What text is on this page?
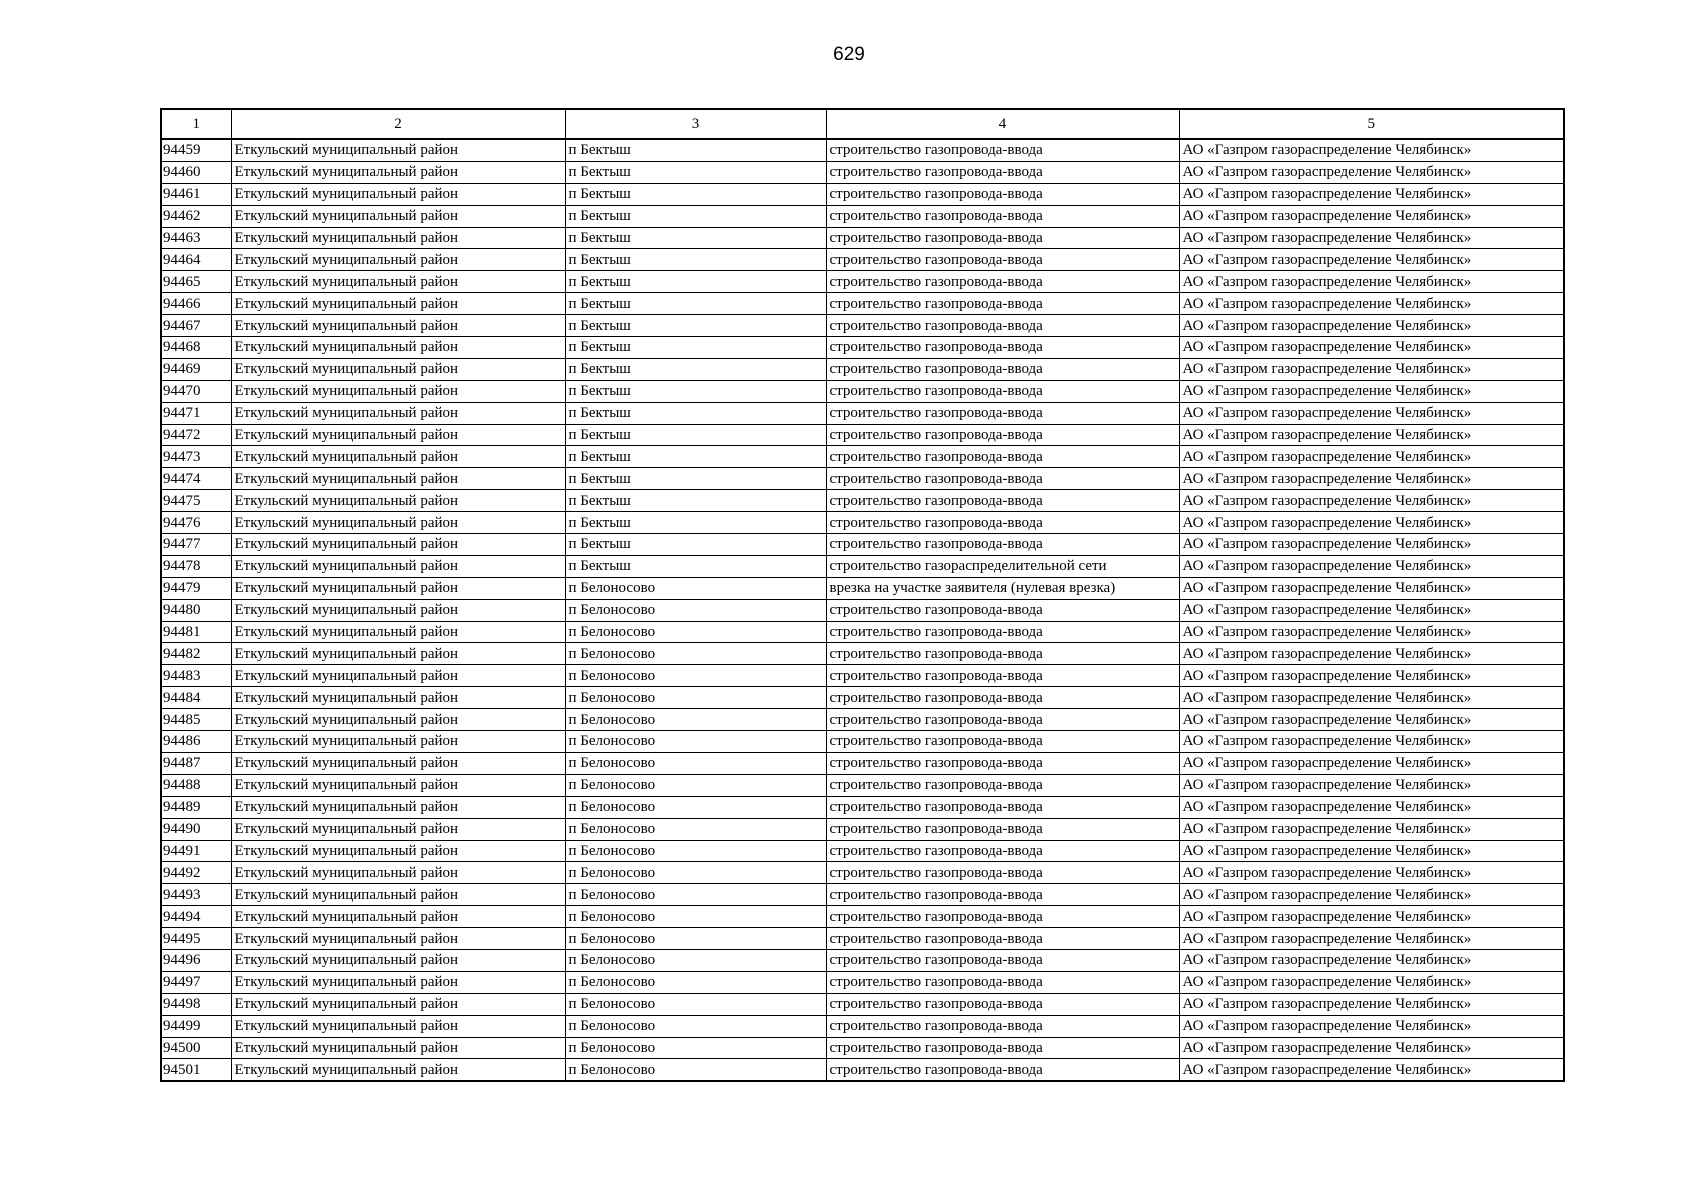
629
1	2	3	4	5
94459	Еткульский муниципальный район	п Бектыш	строительство газопровода-ввода	АО «Газпром газораспределение Челябинск»
94460	Еткульский муниципальный район	п Бектыш	строительство газопровода-ввода	АО «Газпром газораспределение Челябинск»
94461	Еткульский муниципальный район	п Бектыш	строительство газопровода-ввода	АО «Газпром газораспределение Челябинск»
94462	Еткульский муниципальный район	п Бектыш	строительство газопровода-ввода	АО «Газпром газораспределение Челябинск»
94463	Еткульский муниципальный район	п Бектыш	строительство газопровода-ввода	АО «Газпром газораспределение Челябинск»
94464	Еткульский муниципальный район	п Бектыш	строительство газопровода-ввода	АО «Газпром газораспределение Челябинск»
94465	Еткульский муниципальный район	п Бектыш	строительство газопровода-ввода	АО «Газпром газораспределение Челябинск»
94466	Еткульский муниципальный район	п Бектыш	строительство газопровода-ввода	АО «Газпром газораспределение Челябинск»
94467	Еткульский муниципальный район	п Бектыш	строительство газопровода-ввода	АО «Газпром газораспределение Челябинск»
94468	Еткульский муниципальный район	п Бектыш	строительство газопровода-ввода	АО «Газпром газораспределение Челябинск»
94469	Еткульский муниципальный район	п Бектыш	строительство газопровода-ввода	АО «Газпром газораспределение Челябинск»
94470	Еткульский муниципальный район	п Бектыш	строительство газопровода-ввода	АО «Газпром газораспределение Челябинск»
94471	Еткульский муниципальный район	п Бектыш	строительство газопровода-ввода	АО «Газпром газораспределение Челябинск»
94472	Еткульский муниципальный район	п Бектыш	строительство газопровода-ввода	АО «Газпром газораспределение Челябинск»
94473	Еткульский муниципальный район	п Бектыш	строительство газопровода-ввода	АО «Газпром газораспределение Челябинск»
94474	Еткульский муниципальный район	п Бектыш	строительство газопровода-ввода	АО «Газпром газораспределение Челябинск»
94475	Еткульский муниципальный район	п Бектыш	строительство газопровода-ввода	АО «Газпром газораспределение Челябинск»
94476	Еткульский муниципальный район	п Бектыш	строительство газопровода-ввода	АО «Газпром газораспределение Челябинск»
94477	Еткульский муниципальный район	п Бектыш	строительство газопровода-ввода	АО «Газпром газораспределение Челябинск»
94478	Еткульский муниципальный район	п Бектыш	строительство газораспределительной сети	АО «Газпром газораспределение Челябинск»
94479	Еткульский муниципальный район	п Белоносово	врезка на участке заявителя (нулевая врезка)	АО «Газпром газораспределение Челябинск»
94480	Еткульский муниципальный район	п Белоносово	строительство газопровода-ввода	АО «Газпром газораспределение Челябинск»
94481	Еткульский муниципальный район	п Белоносово	строительство газопровода-ввода	АО «Газпром газораспределение Челябинск»
94482	Еткульский муниципальный район	п Белоносово	строительство газопровода-ввода	АО «Газпром газораспределение Челябинск»
94483	Еткульский муниципальный район	п Белоносово	строительство газопровода-ввода	АО «Газпром газораспределение Челябинск»
94484	Еткульский муниципальный район	п Белоносово	строительство газопровода-ввода	АО «Газпром газораспределение Челябинск»
94485	Еткульский муниципальный район	п Белоносово	строительство газопровода-ввода	АО «Газпром газораспределение Челябинск»
94486	Еткульский муниципальный район	п Белоносово	строительство газопровода-ввода	АО «Газпром газораспределение Челябинск»
94487	Еткульский муниципальный район	п Белоносово	строительство газопровода-ввода	АО «Газпром газораспределение Челябинск»
94488	Еткульский муниципальный район	п Белоносово	строительство газопровода-ввода	АО «Газпром газораспределение Челябинск»
94489	Еткульский муниципальный район	п Белоносово	строительство газопровода-ввода	АО «Газпром газораспределение Челябинск»
94490	Еткульский муниципальный район	п Белоносово	строительство газопровода-ввода	АО «Газпром газораспределение Челябинск»
94491	Еткульский муниципальный район	п Белоносово	строительство газопровода-ввода	АО «Газпром газораспределение Челябинск»
94492	Еткульский муниципальный район	п Белоносово	строительство газопровода-ввода	АО «Газпром газораспределение Челябинск»
94493	Еткульский муниципальный район	п Белоносово	строительство газопровода-ввода	АО «Газпром газораспределение Челябинск»
94494	Еткульский муниципальный район	п Белоносово	строительство газопровода-ввода	АО «Газпром газораспределение Челябинск»
94495	Еткульский муниципальный район	п Белоносово	строительство газопровода-ввода	АО «Газпром газораспределение Челябинск»
94496	Еткульский муниципальный район	п Белоносово	строительство газопровода-ввода	АО «Газпром газораспределение Челябинск»
94497	Еткульский муниципальный район	п Белоносово	строительство газопровода-ввода	АО «Газпром газораспределение Челябинск»
94498	Еткульский муниципальный район	п Белоносово	строительство газопровода-ввода	АО «Газпром газораспределение Челябинск»
94499	Еткульский муниципальный район	п Белоносово	строительство газопровода-ввода	АО «Газпром газораспределение Челябинск»
94500	Еткульский муниципальный район	п Белоносово	строительство газопровода-ввода	АО «Газпром газораспределение Челябинск»
94501	Еткульский муниципальный район	п Белоносово	строительство газопровода-ввода	АО «Газпром газораспределение Челябинск»
